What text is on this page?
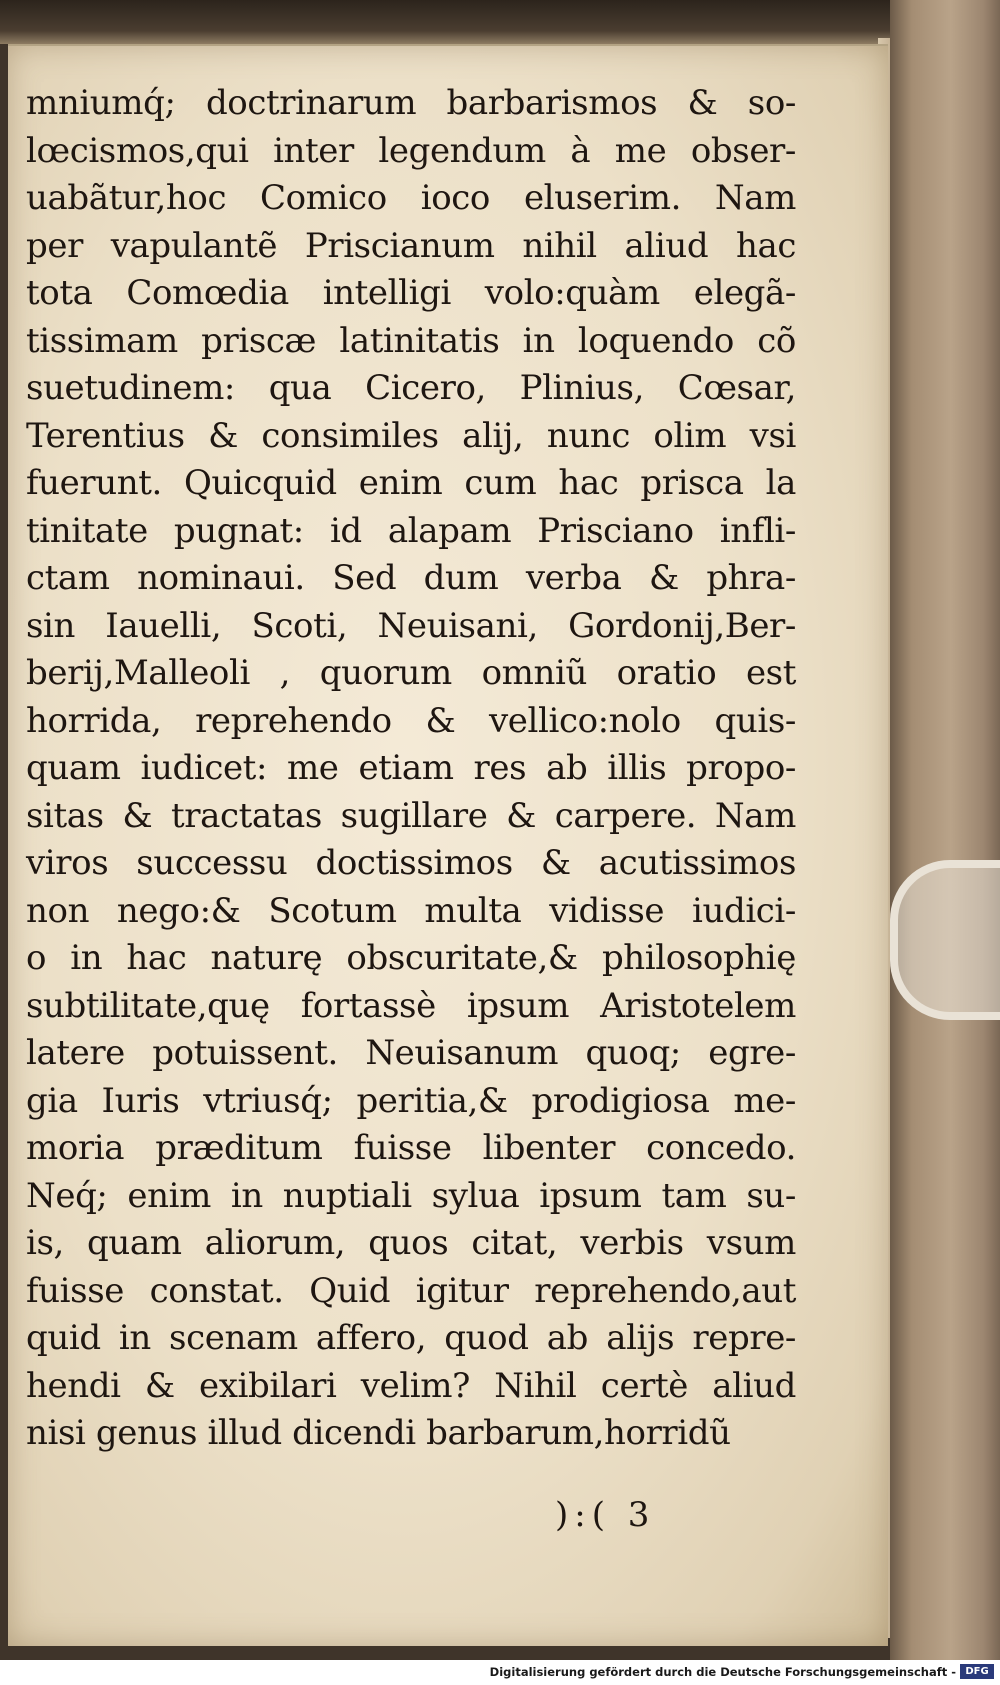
mniumq́; doctrinarum barbarismos & so-
lœcismos,qui inter legendum à me obser-
uabãtur,hoc Comico ioco eluserim. Nam
per vapulantẽ Priscianum nihil aliud hac
tota Comœdia intelligi volo:quàm elegã-
tissimam priscæ latinitatis in loquendo cõ
suetudinem: qua Cicero, Plinius, Cœsar,
Terentius & consimiles alij, nunc olim vsi
fuerunt. Quicquid enim cum hac prisca la
tinitate pugnat: id alapam Prisciano infli-
ctam nominaui. Sed dum verba & phra-
sin Iauelli, Scoti, Neuisani, Gordonij,Ber-
berij,Malleoli , quorum omniũ oratio est
horrida, reprehendo & vellico:nolo quis-
quam iudicet: me etiam res ab illis propo-
sitas & tractatas sugillare & carpere. Nam
viros successu doctissimos & acutissimos
non nego:& Scotum multa vidisse iudici-
o in hac naturę obscuritate,& philosophię
subtilitate,quę fortassè ipsum Aristotelem
latere potuissent. Neuisanum quoq; egre-
gia Iuris vtriusq́; peritia,& prodigiosa me-
moria præditum fuisse libenter concedo.
Neq́; enim in nuptiali sylua ipsum tam su-
is, quam aliorum, quos citat, verbis vsum
fuisse constat. Quid igitur reprehendo,aut
quid in scenam affero, quod ab alijs repre-
hendi & exibilari velim? Nihil certè aliud
nisi genus illud dicendi barbarum,horridũ
):( 3
Digitalisierung gefördert durch die Deutsche Forschungsgemeinschaft - DFG
